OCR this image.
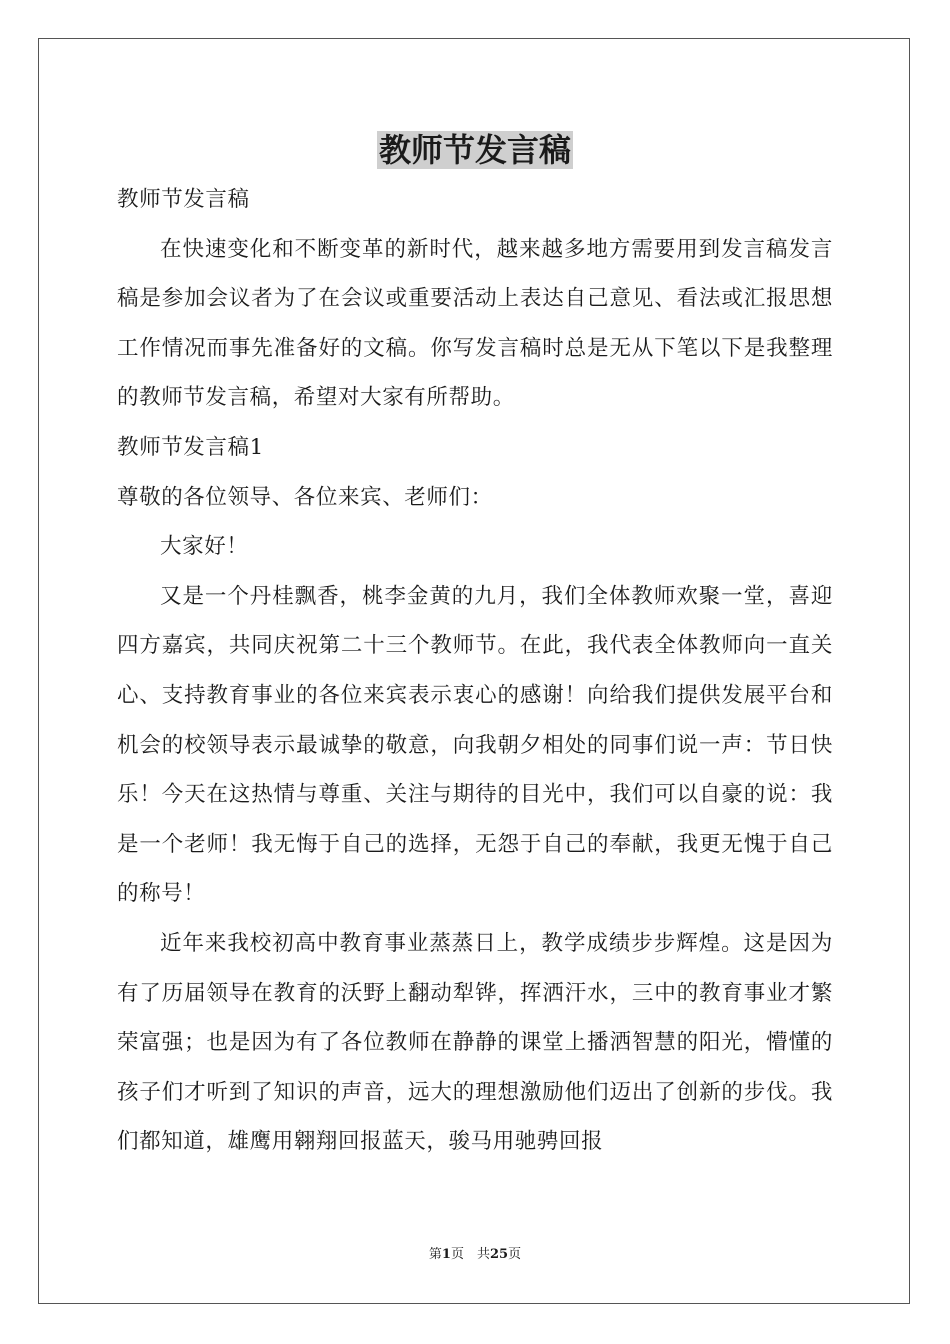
教师节发言稿

教师节发言稿

在快速变化和不断变革的新时代，越来越多地方需要用到发言稿发言稿是参加会议者为了在会议或重要活动上表达自己意见、看法或汇报思想工作情况而事先准备好的文稿。你写发言稿时总是无从下笔以下是我整理的教师节发言稿，希望对大家有所帮助。

教师节发言稿1

尊敬的各位领导、各位来宾、老师们：

大家好！

又是一个丹桂飘香，桃李金黄的九月，我们全体教师欢聚一堂，喜迎四方嘉宾，共同庆祝第二十三个教师节。在此，我代表全体教师向一直关心、支持教育事业的各位来宾表示衷心的感谢！向给我们提供发展平台和机会的校领导表示最诚挚的敬意，向我朝夕相处的同事们说一声：节日快乐！今天在这热情与尊重、关注与期待的目光中，我们可以自豪的说：我是一个老师！我无悔于自己的选择，无怨于自己的奉献，我更无愧于自己的称号！

近年来我校初高中教育事业蒸蒸日上，教学成绩步步辉煌。这是因为有了历届领导在教育的沃野上翻动犁铧，挥洒汗水，三中的教育事业才繁荣富强；也是因为有了各位教师在静静的课堂上播洒智慧的阳光，懵懂的孩子们才听到了知识的声音，远大的理想激励他们迈出了创新的步伐。我们都知道，雄鹰用翱翔回报蓝天，骏马用驰骋回报

第1页　共25页
